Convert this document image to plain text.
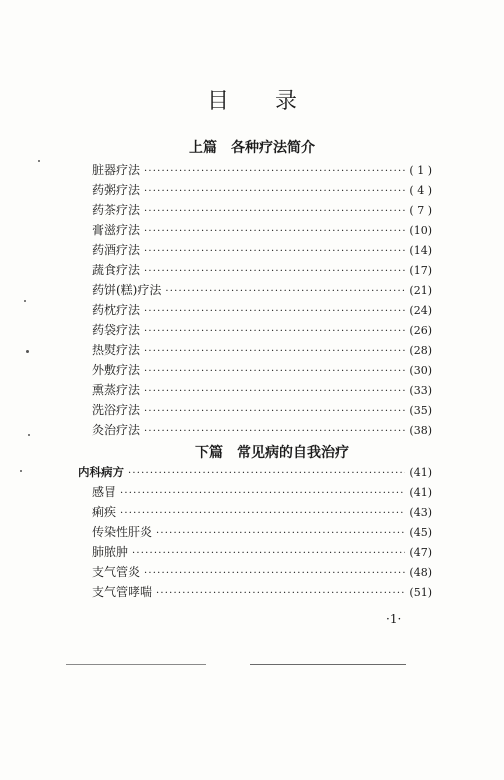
目 录
上篇 各种疗法简介
脏器疗法 ·····	( 1 )
药粥疗法 ·····	( 4 )
药茶疗法 ·····	( 7 )
膏滋疗法 ·····	(10)
药酒疗法 ·····	(14)
蔬食疗法 ·····	(17)
药饼(糕)疗法 ·····	(21)
药枕疗法 ·····	(24)
药袋疗法 ·····	(26)
热熨疗法 ·····	(28)
外敷疗法 ·····	(30)
熏蒸疗法 ·····	(33)
洗浴疗法 ·····	(35)
灸治疗法 ·····	(38)
下篇 常见病的自我治疗
内科病方 ·····	(41)
感冒 ·····	(41)
痢疾 ·····	(43)
传染性肝炎 ·····	(45)
肺脓肿 ·····	(47)
支气管炎 ·····	(48)
支气管哮喘 ·····	(51)
·1·
